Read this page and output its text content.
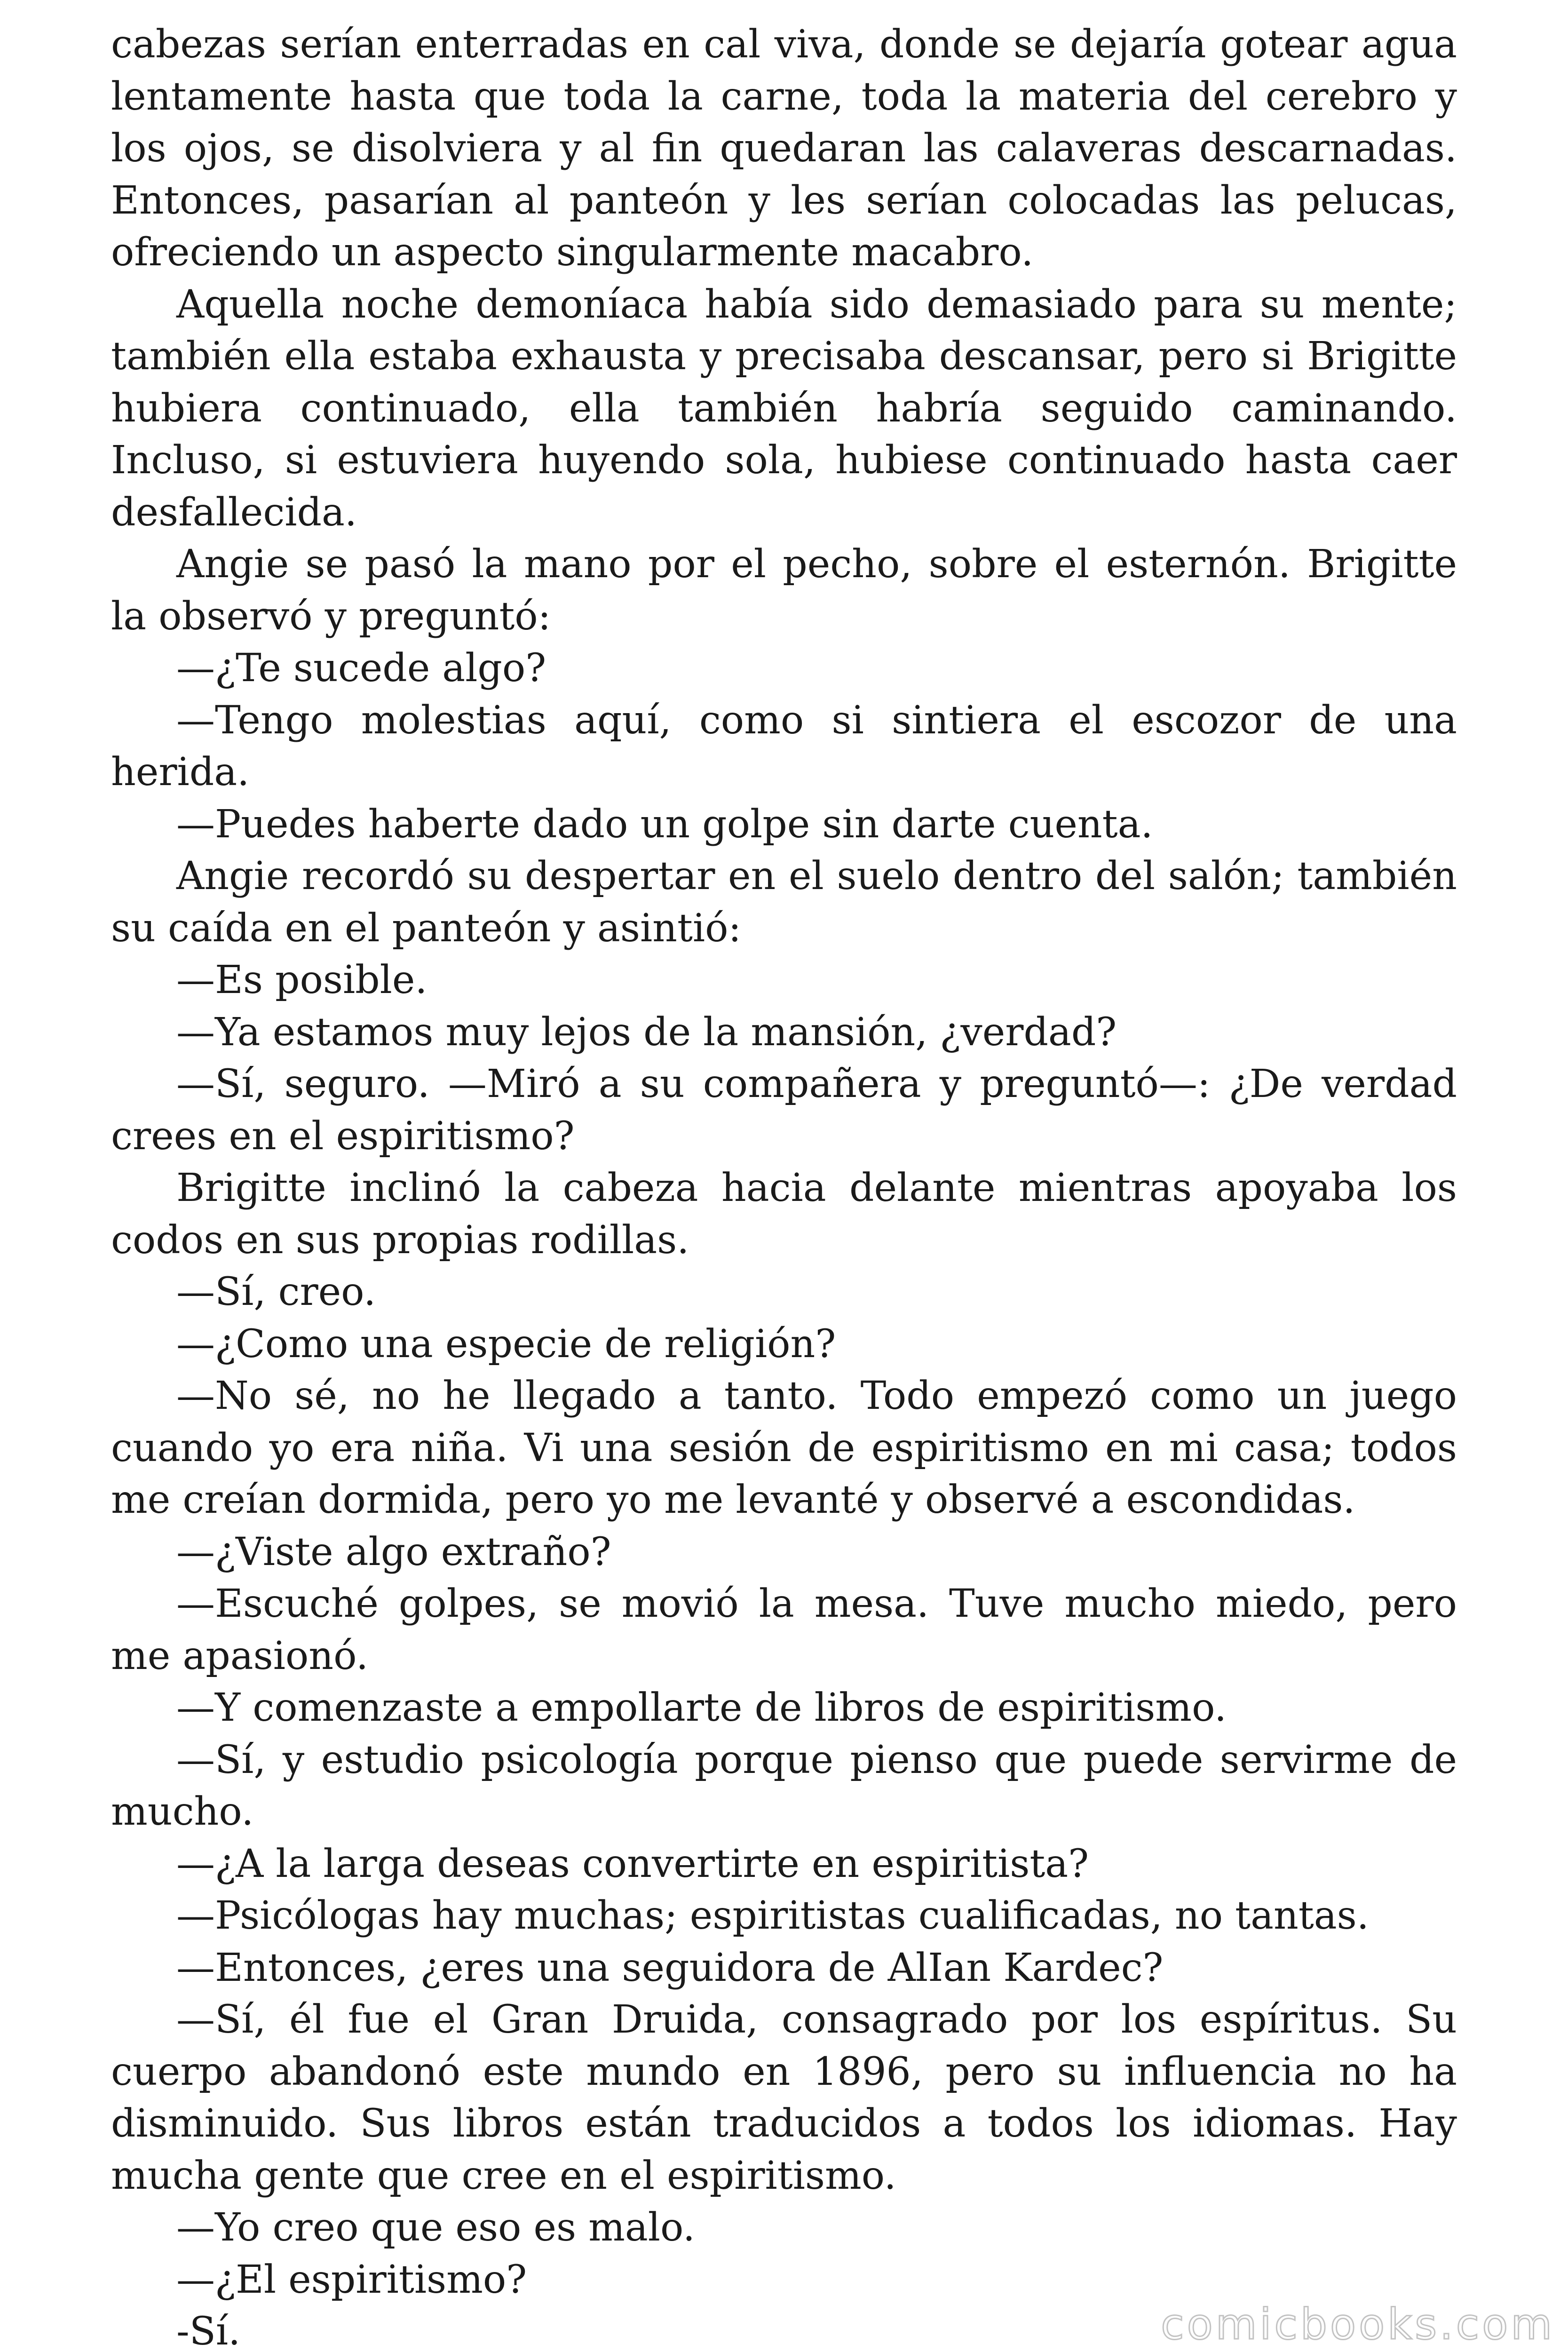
cabezas serían enterradas en cal viva, donde se dejaría gotear agua lentamente hasta que toda la carne, toda la materia del cerebro y los ojos, se disolviera y al fin quedaran las calaveras descarnadas. Entonces, pasarían al panteón y les serían colocadas las pelucas, ofreciendo un aspecto singularmente macabro.

Aquella noche demoníaca había sido demasiado para su mente; también ella estaba exhausta y precisaba descansar, pero si Brigitte hubiera continuado, ella también habría seguido caminando. Incluso, si estuviera huyendo sola, hubiese continuado hasta caer desfallecida.

Angie se pasó la mano por el pecho, sobre el esternón. Brigitte la observó y preguntó:

—¿Te sucede algo?

—Tengo molestias aquí, como si sintiera el escozor de una herida.

—Puedes haberte dado un golpe sin darte cuenta.

Angie recordó su despertar en el suelo dentro del salón; también su caída en el panteón y asintió:

—Es posible.

—Ya estamos muy lejos de la mansión, ¿verdad?

—Sí, seguro. —Miró a su compañera y preguntó—: ¿De verdad crees en el espiritismo?

Brigitte inclinó la cabeza hacia delante mientras apoyaba los codos en sus propias rodillas.

—Sí, creo.

—¿Como una especie de religión?

—No sé, no he llegado a tanto. Todo empezó como un juego cuando yo era niña. Vi una sesión de espiritismo en mi casa; todos me creían dormida, pero yo me levanté y observé a escondidas.

—¿Viste algo extraño?

—Escuché golpes, se movió la mesa. Tuve mucho miedo, pero me apasionó.

—Y comenzaste a empollarte de libros de espiritismo.

—Sí, y estudio psicología porque pienso que puede servirme de mucho.

—¿A la larga deseas convertirte en espiritista?

—Psicólogas hay muchas; espiritistas cualificadas, no tantas.

—Entonces, ¿eres una seguidora de AlIan Kardec?

—Sí, él fue el Gran Druida, consagrado por los espíritus. Su cuerpo abandonó este mundo en 1896, pero su influencia no ha disminuido. Sus libros están traducidos a todos los idiomas. Hay mucha gente que cree en el espiritismo.

—Yo creo que eso es malo.

—¿El espiritismo?

-Sí.	comicbooks.com
